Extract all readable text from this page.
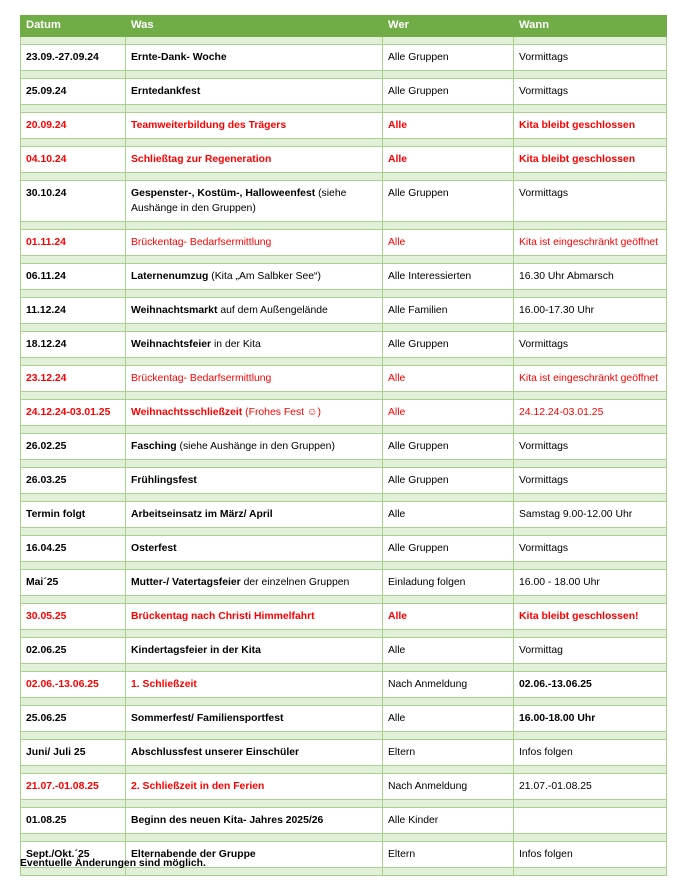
Datum	Was	Wer	Wann

23.09.-27.09.24	Ernte-Dank- Woche	Alle Gruppen	Vormittags

25.09.24	Erntedankfest	Alle Gruppen	Vormittags

20.09.24	Teamweiterbildung des Trägers	Alle	Kita bleibt geschlossen

04.10.24	Schließtag zur Regeneration	Alle	Kita bleibt geschlossen

30.10.24	Gespenster-, Kostüm-, Halloweenfest (siehe Aushänge in den Gruppen)	Alle Gruppen	Vormittags

01.11.24	Brückentag- Bedarfsermittlung	Alle	Kita ist eingeschränkt geöffnet

06.11.24	Laternenumzug (Kita „Am Salbker See“)	Alle Interessierten	16.30 Uhr Abmarsch

11.12.24	Weihnachtsmarkt auf dem Außengelände	Alle Familien	16.00-17.30 Uhr

18.12.24	Weihnachtsfeier in der Kita	Alle Gruppen	Vormittags

23.12.24	Brückentag- Bedarfsermittlung	Alle	Kita ist eingeschränkt geöffnet

24.12.24-03.01.25	Weihnachtsschließzeit (Frohes Fest ☺)	Alle	24.12.24-03.01.25

26.02.25	Fasching (siehe Aushänge in den Gruppen)	Alle Gruppen	Vormittags

26.03.25	Frühlingsfest	Alle Gruppen	Vormittags

Termin folgt	Arbeitseinsatz im März/ April	Alle	Samstag 9.00-12.00 Uhr

16.04.25	Osterfest	Alle Gruppen	Vormittags

Mai´25	Mutter-/ Vatertagsfeier der einzelnen Gruppen	Einladung folgen	16.00 - 18.00 Uhr

30.05.25	Brückentag nach Christi Himmelfahrt	Alle	Kita bleibt geschlossen!

02.06.25	Kindertagsfeier in der Kita	Alle	Vormittag

02.06.-13.06.25	1. Schließzeit	Nach Anmeldung	02.06.-13.06.25

25.06.25	Sommerfest/ Familiensportfest	Alle	16.00-18.00 Uhr

Juni/ Juli 25	Abschlussfest unserer Einschüler	Eltern	Infos folgen

21.07.-01.08.25	2. Schließzeit in den Ferien	Nach Anmeldung	21.07.-01.08.25

01.08.25	Beginn des neuen Kita- Jahres 2025/26	Alle Kinder	

Sept./Okt.´25	Elternabende der Gruppe	Eltern	Infos folgen

Eventuelle Änderungen sind möglich.
